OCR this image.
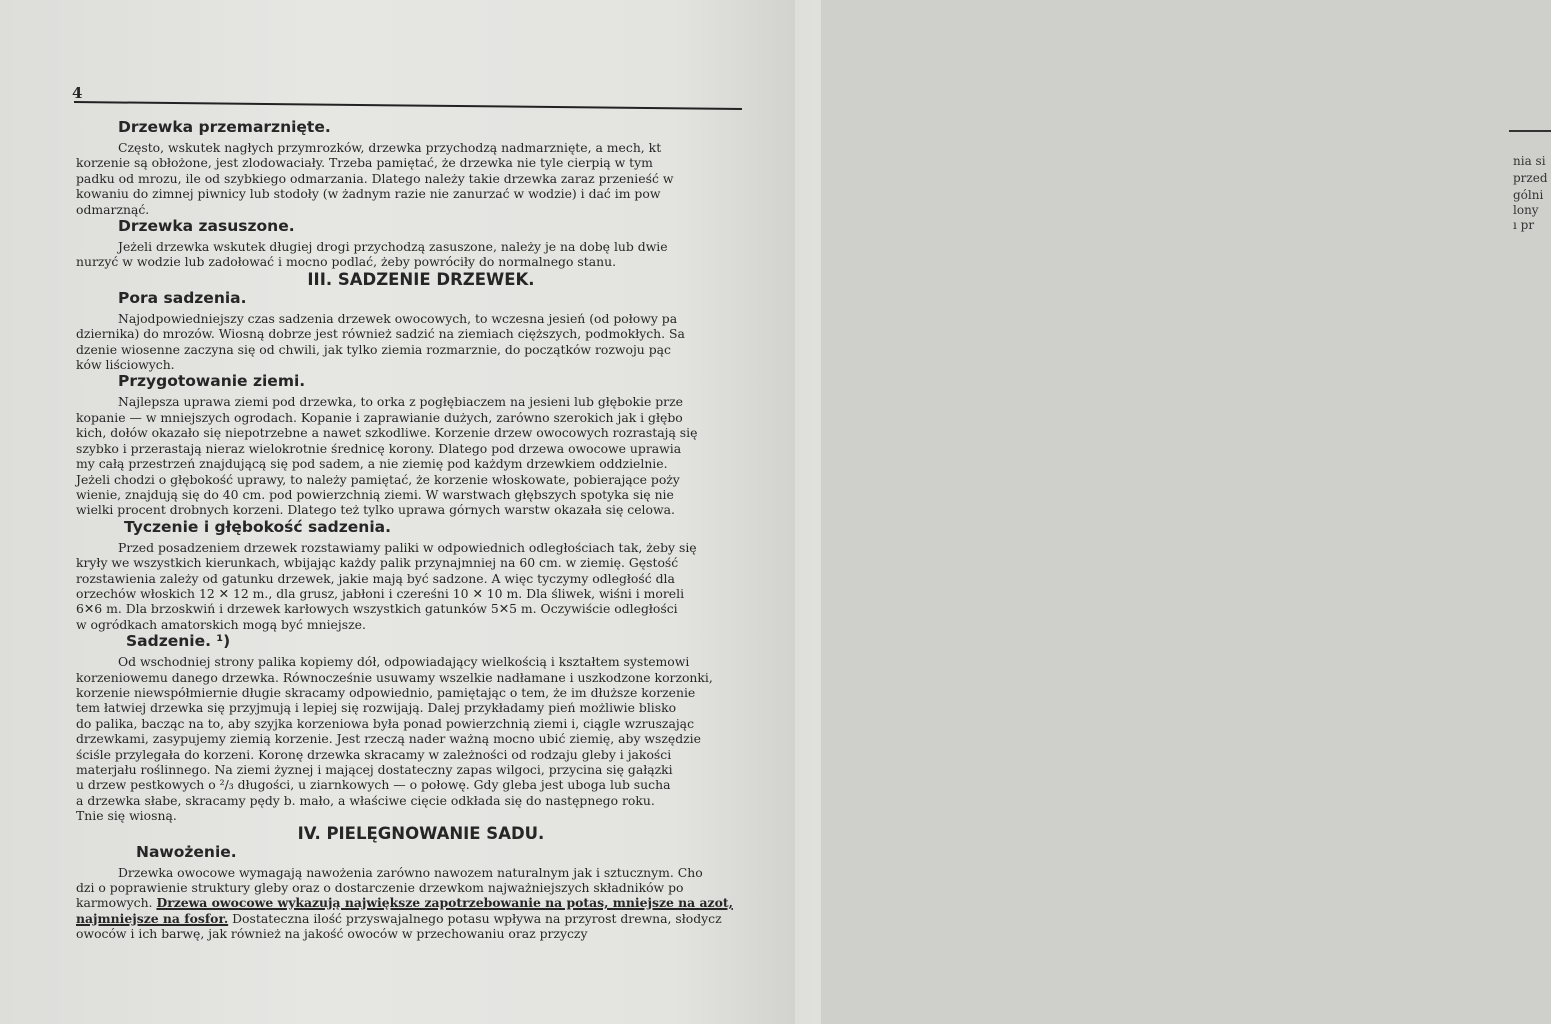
nia si
przed
gólni
lony
ı pr
4
Drzewka przemarznięte.

Często, wskutek nagłych przymrozków, drzewka przychodzą nadmarznięte, a mech, kt
korzenie są obłożone, jest zlodowaciały. Trzeba pamiętać, że drzewka nie tyle cierpią w tym
padku od mrozu, ile od szybkiego odmarzania. Dlatego należy takie drzewka zaraz przenieść w
kowaniu do zimnej piwnicy lub stodoły (w żadnym razie nie zanurzać w wodzie) i dać im pow
odmarznąć.

Drzewka zasuszone.

Jeżeli drzewka wskutek długiej drogi przychodzą zasuszone, należy je na dobę lub dwie
nurzyć w wodzie lub zadołować i mocno podlać, żeby powróciły do normalnego stanu.

III. SADZENIE DRZEWEK.
Pora sadzenia.

Najodpowiedniejszy czas sadzenia drzewek owocowych, to wczesna jesień (od połowy pa
dziernika) do mrozów. Wiosną dobrze jest również sadzić na ziemiach cięższych, podmokłych. Sa
dzenie wiosenne zaczyna się od chwili, jak tylko ziemia rozmarznie, do początków rozwoju pąc
ków liściowych.

Przygotowanie ziemi.

Najlepsza uprawa ziemi pod drzewka, to orka z pogłębiaczem na jesieni lub głębokie prze
kopanie — w mniejszych ogrodach. Kopanie i zaprawianie dużych, zarówno szerokich jak i głębo
kich, dołów okazało się niepotrzebne a nawet szkodliwe. Korzenie drzew owocowych rozrastają się
szybko i przerastają nieraz wielokrotnie średnicę korony. Dlatego pod drzewa owocowe uprawia
my całą przestrzeń znajdującą się pod sadem, a nie ziemię pod każdym drzewkiem oddzielnie.
Jeżeli chodzi o głębokość uprawy, to należy pamiętać, że korzenie włoskowate, pobierające poży
wienie, znajdują się do 40 cm. pod powierzchnią ziemi. W warstwach głębszych spotyka się nie
wielki procent drobnych korzeni. Dlatego też tylko uprawa górnych warstw okazała się celowa.

Tyczenie i głębokość sadzenia.

Przed posadzeniem drzewek rozstawiamy paliki w odpowiednich odległościach tak, żeby się
kryły we wszystkich kierunkach, wbijając każdy palik przynajmniej na 60 cm. w ziemię. Gęstość
rozstawienia zależy od gatunku drzewek, jakie mają być sadzone. A więc tyczymy odległość dla
orzechów włoskich 12 ✕ 12 m., dla grusz, jabłoni i czereśni 10 ✕ 10 m. Dla śliwek, wiśni i moreli
6✕6 m. Dla brzoskwiń i drzewek karłowych wszystkich gatunków 5✕5 m. Oczywiście odległości
w ogródkach amatorskich mogą być mniejsze.

Sadzenie. ¹)

Od wschodniej strony palika kopiemy dół, odpowiadający wielkością i kształtem systemowi
korzeniowemu danego drzewka. Równocześnie usuwamy wszelkie nadłamane i uszkodzone korzonki,
korzenie niewspółmiernie długie skracamy odpowiednio, pamiętając o tem, że im dłuższe korzenie
tem łatwiej drzewka się przyjmują i lepiej się rozwijają. Dalej przykładamy pień możliwie blisko
do palika, bacząc na to, aby szyjka korzeniowa była ponad powierzchnią ziemi i, ciągle wzruszając
drzewkami, zasypujemy ziemią korzenie. Jest rzeczą nader ważną mocno ubić ziemię, aby wszędzie
ściśle przylegała do korzeni. Koronę drzewka skracamy w zależności od rodzaju gleby i jakości
materjału roślinnego. Na ziemi żyznej i mającej dostateczny zapas wilgoci, przycina się gałązki
u drzew pestkowych o ²/₃ długości, u ziarnkowych — o połowę. Gdy gleba jest uboga lub sucha
a drzewka słabe, skracamy pędy b. mało, a właściwe cięcie odkłada się do następnego roku.
Tnie się wiosną.

IV. PIELĘGNOWANIE SADU.
Nawożenie.

Drzewka owocowe wymagają nawożenia zarówno nawozem naturalnym jak i sztucznym. Cho
dzi o poprawienie struktury gleby oraz o dostarczenie drzewkom najważniejszych składników po
karmowych. Drzewa owocowe wykazują największe zapotrzebowanie na potas, mniejsze na azot,
najmniejsze na fosfor. Dostateczna ilość przyswajalnego potasu wpływa na przyrost drewna, słodycz
owoców i ich barwę, jak również na jakość owoców w przechowaniu oraz przyczy
